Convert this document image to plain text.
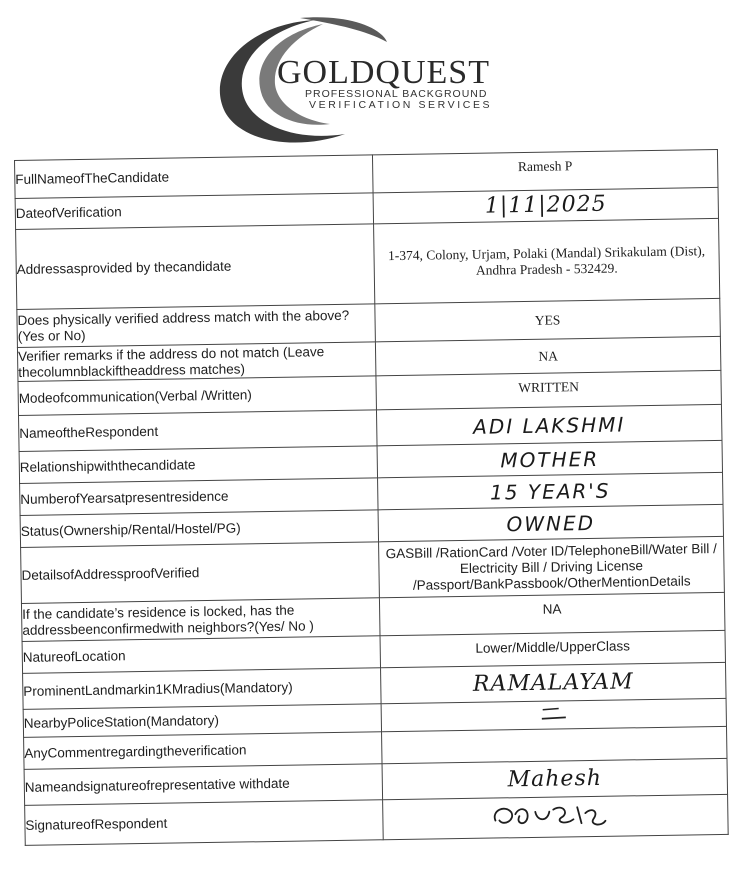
GOLDQUEST
PROFESSIONAL BACKGROUND
VERIFICATION SERVICES
FullNameofTheCandidate	Ramesh P
DateofVerification	1|11|2025
Addressasprovided by thecandidate	1-374, Colony, Urjam, Polaki (Mandal) Srikakulam (Dist), Andhra Pradesh - 532429.
Does physically verified address match with the above?(Yes or No)	YES
Verifier remarks if the address do not match (Leave thecolumnblackiftheaddress matches)	NA
Modeofcommunication(Verbal /Written)	WRITTEN
NameoftheRespondent	ADI LAKSHMI
Relationshipwiththecandidate	MOTHER
NumberofYearsatpresentresidence	15 YEAR'S
Status(Ownership/Rental/Hostel/PG)	OWNED
DetailsofAddressproofVerified	GASBill /RationCard /Voter ID/TelephoneBill/Water Bill / Electricity Bill / Driving License /Passport/BankPassbook/OtherMentionDetails
If the candidate’s residence is locked, has the addressbeenconfirmedwith neighbors?(Yes/ No )	NA
NatureofLocation	Lower/Middle/UpperClass
ProminentLandmarkin1KMradius(Mandatory)	RAMALAYAM
NearbyPoliceStation(Mandatory)	
AnyCommentregardingtheverification	
Nameandsignatureofrepresentative withdate	Mahesh
SignatureofRespondent	
